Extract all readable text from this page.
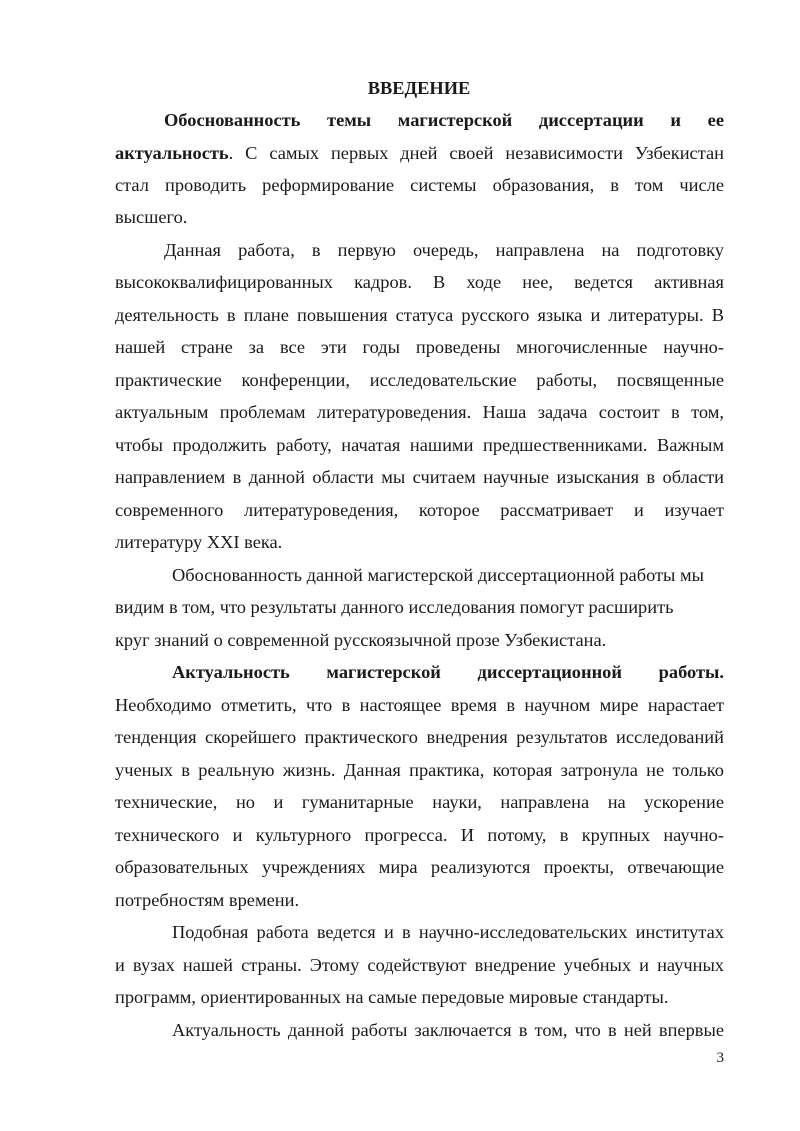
ВВЕДЕНИЕ
Обоснованность темы магистерской диссертации и ее
актуальность. С самых первых дней своей независимости Узбекистан
стал проводить реформирование системы образования, в том числе
высшего.
Данная работа, в первую очередь, направлена на подготовку
высококвалифицированных кадров. В ходе нее, ведется активная
деятельность в плане повышения статуса русского языка и литературы. В
нашей стране за все эти годы проведены многочисленные научно-
практические конференции, исследовательские работы, посвященные
актуальным проблемам литературоведения. Наша задача состоит в том,
чтобы продолжить работу, начатая нашими предшественниками. Важным
направлением в данной области мы считаем научные изыскания в области
современного литературоведения, которое рассматривает и изучает
литературу XXI века.
Обоснованность данной магистерской диссертационной работы мы
видим в том, что результаты данного исследования помогут расширить
круг знаний о современной русскоязычной прозе Узбекистана.
Актуальность магистерской диссертационной работы.
Необходимо отметить, что в настоящее время в научном мире нарастает
тенденция скорейшего практического внедрения результатов исследований
ученых в реальную жизнь. Данная практика, которая затронула не только
технические, но и гуманитарные науки, направлена на ускорение
технического и культурного прогресса. И потому, в крупных научно-
образовательных учреждениях мира реализуются проекты, отвечающие
потребностям времени.
Подобная работа ведется и в научно-исследовательских институтах
и вузах нашей страны. Этому содействуют внедрение учебных и научных
программ, ориентированных на самые передовые мировые стандарты.
Актуальность данной работы заключается в том, что в ней впервые
3
